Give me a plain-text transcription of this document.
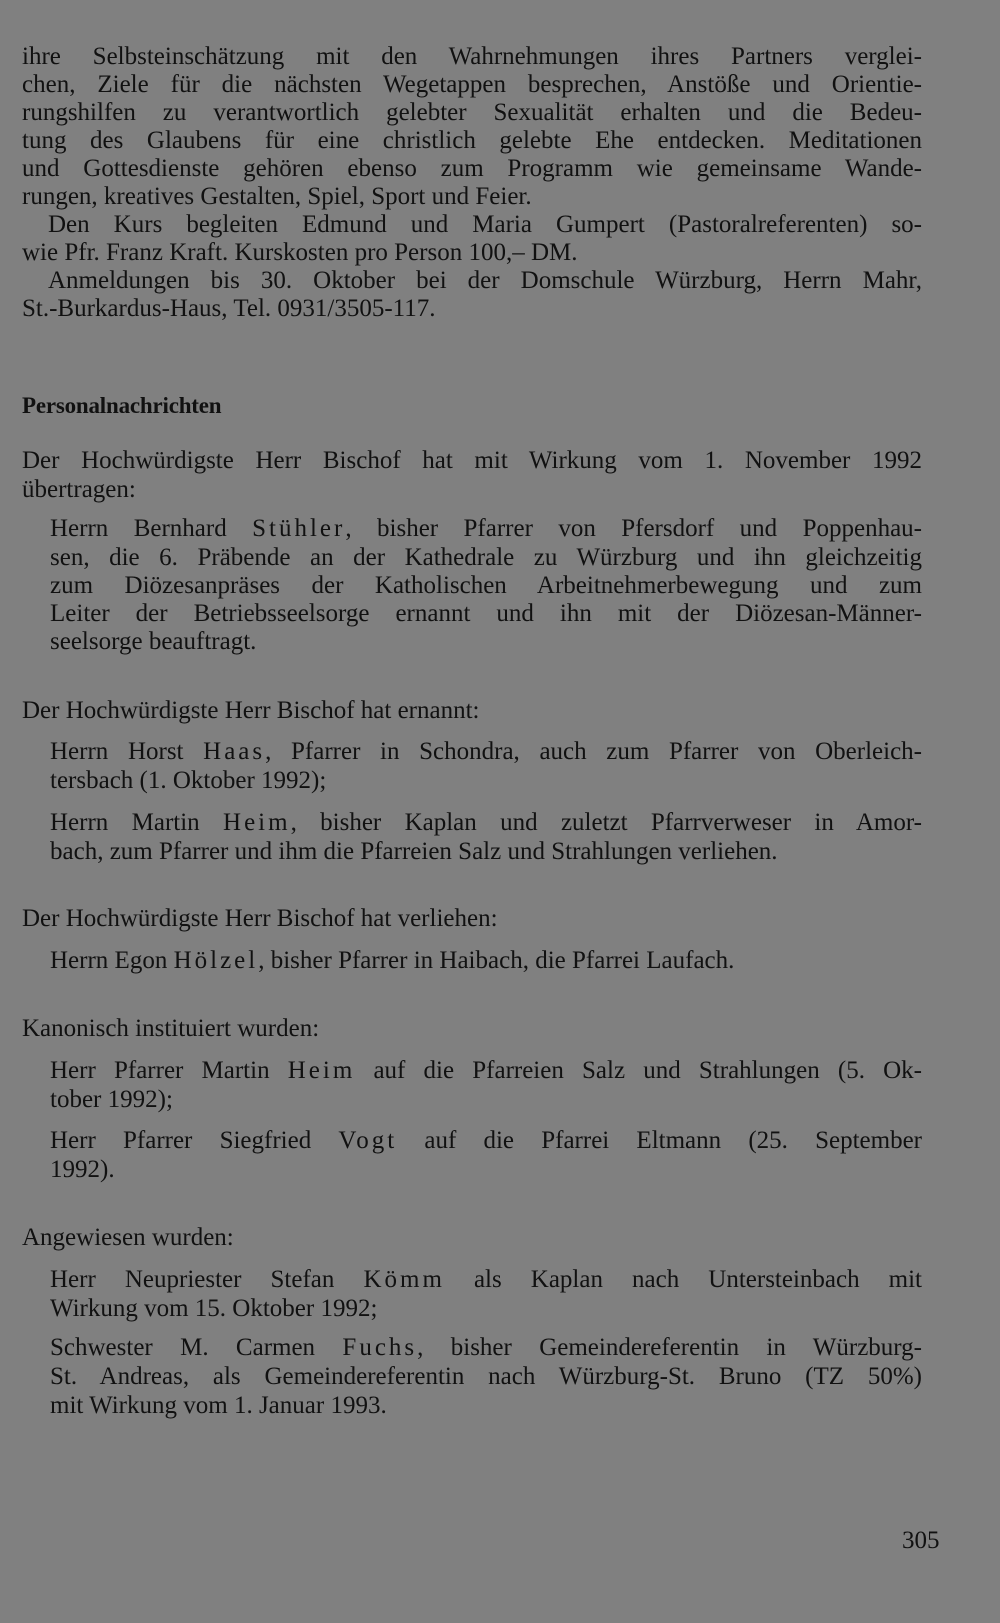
ihre Selbsteinschätzung mit den Wahrnehmungen ihres Partners verglei-
chen, Ziele für die nächsten Wegetappen besprechen, Anstöße und Orientie-
rungshilfen zu verantwortlich gelebter Sexualität erhalten und die Bedeu-
tung des Glaubens für eine christlich gelebte Ehe entdecken. Meditationen
und Gottesdienste gehören ebenso zum Programm wie gemeinsame Wande-
rungen, kreatives Gestalten, Spiel, Sport und Feier.
Den Kurs begleiten Edmund und Maria Gumpert (Pastoralreferenten) so-
wie Pfr. Franz Kraft. Kurskosten pro Person 100,– DM.
Anmeldungen bis 30. Oktober bei der Domschule Würzburg, Herrn Mahr,
St.-Burkardus-Haus, Tel. 0931/3505-117.
Personalnachrichten
Der Hochwürdigste Herr Bischof hat mit Wirkung vom 1. November 1992
übertragen:
Herrn Bernhard Stühler, bisher Pfarrer von Pfersdorf und Poppenhau-
sen, die 6. Präbende an der Kathedrale zu Würzburg und ihn gleichzeitig
zum Diözesanpräses der Katholischen Arbeitnehmerbewegung und zum
Leiter der Betriebsseelsorge ernannt und ihn mit der Diözesan-Männer-
seelsorge beauftragt.
Der Hochwürdigste Herr Bischof hat ernannt:
Herrn Horst Haas, Pfarrer in Schondra, auch zum Pfarrer von Oberleich-
tersbach (1. Oktober 1992);
Herrn Martin Heim, bisher Kaplan und zuletzt Pfarrverweser in Amor-
bach, zum Pfarrer und ihm die Pfarreien Salz und Strahlungen verliehen.
Der Hochwürdigste Herr Bischof hat verliehen:
Herrn Egon Hölzel, bisher Pfarrer in Haibach, die Pfarrei Laufach.
Kanonisch instituiert wurden:
Herr Pfarrer Martin Heim auf die Pfarreien Salz und Strahlungen (5. Ok-
tober 1992);
Herr Pfarrer Siegfried Vogt auf die Pfarrei Eltmann (25. September
1992).
Angewiesen wurden:
Herr Neupriester Stefan Kömm als Kaplan nach Untersteinbach mit
Wirkung vom 15. Oktober 1992;
Schwester M. Carmen Fuchs, bisher Gemeindereferentin in Würzburg-
St. Andreas, als Gemeindereferentin nach Würzburg-St. Bruno (TZ 50%)
mit Wirkung vom 1. Januar 1993.
305
